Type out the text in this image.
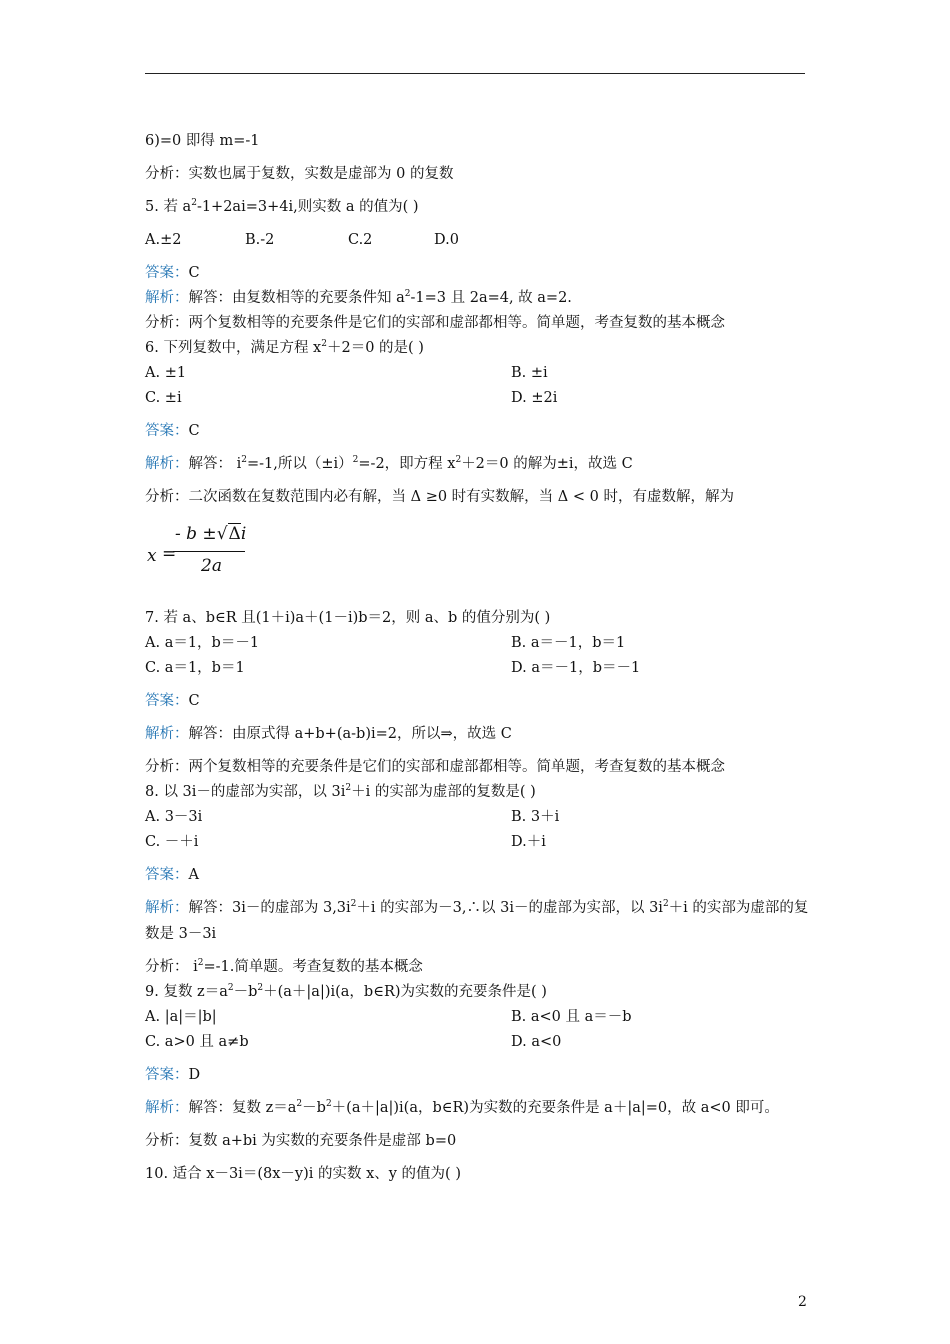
6)=0 即得 m=-1
分析：实数也属于复数，实数是虚部为 0 的复数
5. 若 $a^2-1+2ai=3+4i$,则实数 a 的值为( )
A.±2	B.-2	C.2	D.0
答案：C
解析：解答：由复数相等的充要条件知 $a^2-1=3$ 且 2a=4, 故 a=2.
分析：两个复数相等的充要条件是它们的实部和虚部都相等。简单题，考查复数的基本概念
6. 下列复数中，满足方程 $x^2+2=0$ 的是( )
A. ±1	B. ±i
C. ±i	D. ±2i
答案：C
解析：解答： $i^2=-1$,所以$(\pm i)^2=-2$，即方程 $x^2+2=0$ 的解为±i，故选 C
分析：二次函数在复数范围内必有解，当 Δ ≥0 时有实数解，当 Δ < 0 时，有虚数解，解为
x =
- b ±√Δi
2a
7. 若 a、b∈R 且(1＋i)a＋(1－i)b＝2，则 a、b 的值分别为( )
A. a＝1，b＝－1	B. a＝－1，b＝1
C. a＝1，b＝1	D. a＝－1，b＝－1
答案：C
解析：解答：由原式得 a+b+(a-b)i=2，所以⇒，故选 C
分析：两个复数相等的充要条件是它们的实部和虚部都相等。简单题，考查复数的基本概念
8. 以 3i－的虚部为实部，以 $3i^2+i$ 的实部为虚部的复数是( )
A. 3－3i	B. 3＋i
C. －＋i	D.＋i
答案：A
解析：解答：3i－的虚部为 $3,3i^2+i$ 的实部为－3,∴以 3i－的虚部为实部，以 $3i^2+i$ 的实部为虚部的复数是 3－3i
分析： $i^2=-1$.简单题。考查复数的基本概念
9. 复数 $z=a^2-b^2+(a+|a|)i(a$，b∈R)为实数的充要条件是( )
A. |a|＝|b|	B. a<0 且 a＝－b
C. a>0 且 a≠b	D. a<0
答案：D
解析：解答：复数 $z=a^2-b^2+(a+|a|)i(a$，b∈R)为实数的充要条件是 a＋|a|=0，故 a<0 即可。
分析：复数 a+bi 为实数的充要条件是虚部 b=0
10. 适合 x－3i＝(8x－y)i 的实数 x、y 的值为( )
2
